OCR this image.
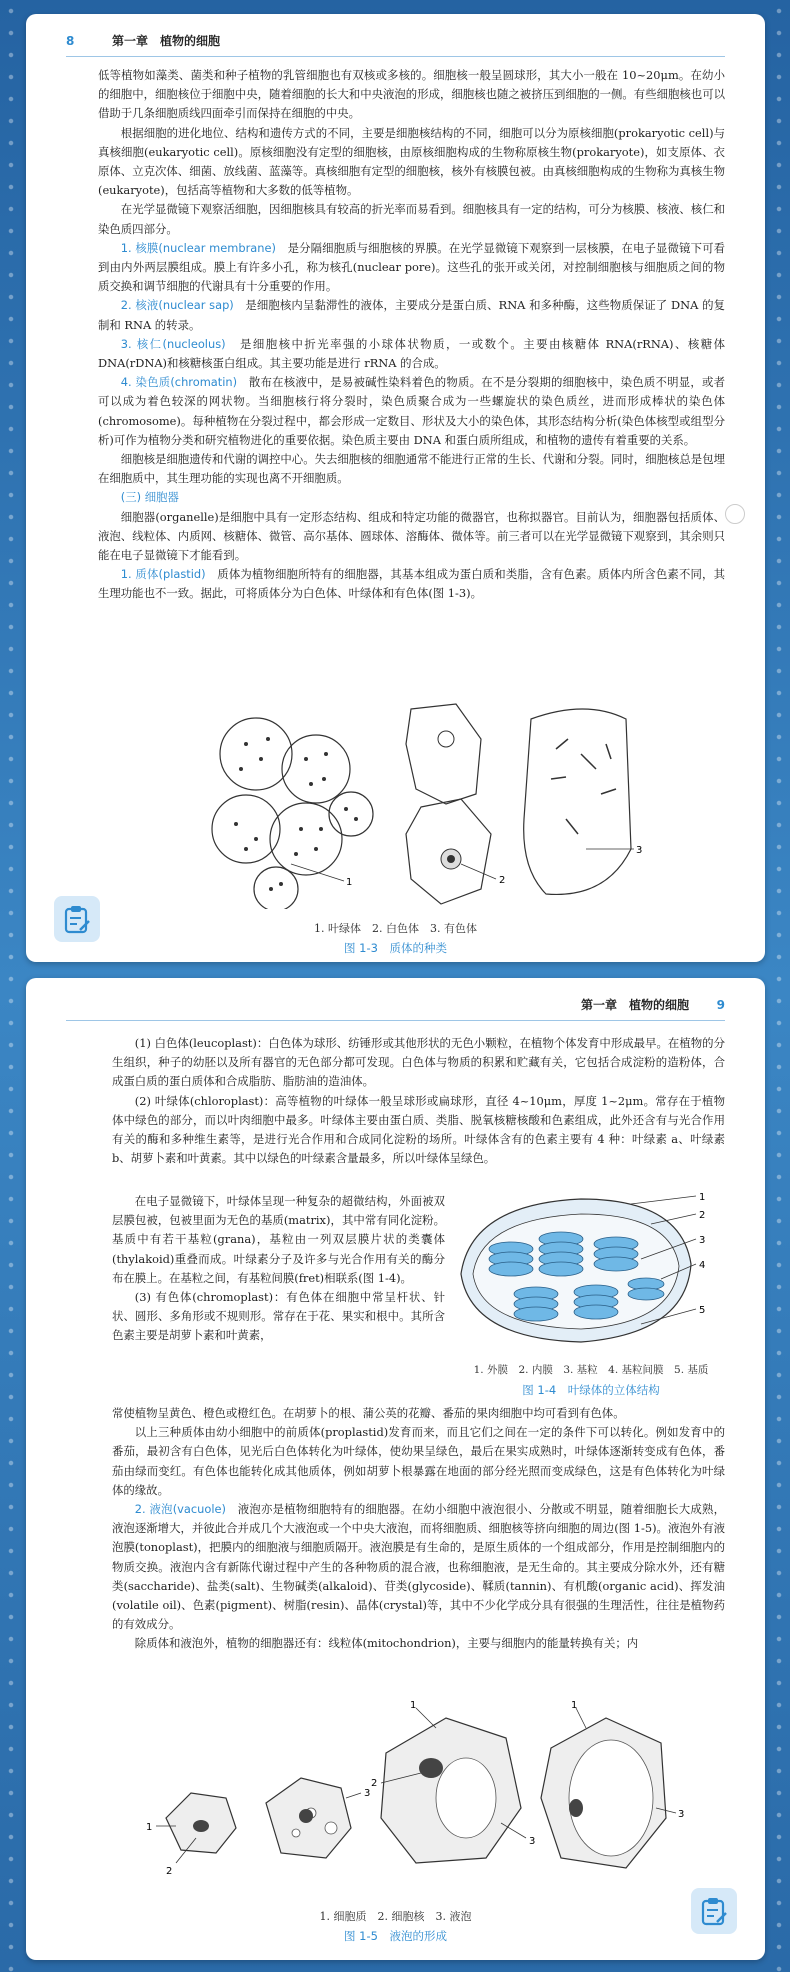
8	第一章　植物的细胞

低等植物如藻类、菌类和种子植物的乳管细胞也有双核或多核的。细胞核一般呈圆球形，其大小一般在 10~20μm。在幼小的细胞中，细胞核位于细胞中央，随着细胞的长大和中央液泡的形成，细胞核也随之被挤压到细胞的一侧。有些细胞核也可以借助于几条细胞质线四面牵引而保持在细胞的中央。

根据细胞的进化地位、结构和遗传方式的不同，主要是细胞核结构的不同，细胞可以分为原核细胞(prokaryotic cell)与真核细胞(eukaryotic cell)。原核细胞没有定型的细胞核，由原核细胞构成的生物称原核生物(prokaryote)，如支原体、衣原体、立克次体、细菌、放线菌、蓝藻等。真核细胞有定型的细胞核，核外有核膜包被。由真核细胞构成的生物称为真核生物(eukaryote)，包括高等植物和大多数的低等植物。

在光学显微镜下观察活细胞，因细胞核具有较高的折光率而易看到。细胞核具有一定的结构，可分为核膜、核液、核仁和染色质四部分。

1. 核膜(nuclear membrane)　 是分隔细胞质与细胞核的界膜。在光学显微镜下观察到一层核膜，在电子显微镜下可看到由内外两层膜组成。膜上有许多小孔，称为核孔(nuclear pore)。这些孔的张开或关闭，对控制细胞核与细胞质之间的物质交换和调节细胞的代谢具有十分重要的作用。

2. 核液(nuclear sap)　 是细胞核内呈黏滞性的液体，主要成分是蛋白质、RNA 和多种酶，这些物质保证了 DNA 的复制和 RNA 的转录。

3. 核仁(nucleolus)　 是细胞核中折光率强的小球体状物质，一或数个。主要由核糖体 RNA(rRNA)、核糖体 DNA(rDNA)和核糖核蛋白组成。其主要功能是进行 rRNA 的合成。

4. 染色质(chromatin)　 散布在核液中，是易被碱性染料着色的物质。在不是分裂期的细胞核中，染色质不明显，或者可以成为着色较深的网状物。当细胞核行将分裂时，染色质聚合成为一些螺旋状的染色质丝，进而形成棒状的染色体(chromosome)。每种植物在分裂过程中，都会形成一定数目、形状及大小的染色体，其形态结构分析(染色体核型或组型分析)可作为植物分类和研究植物进化的重要依据。染色质主要由 DNA 和蛋白质所组成，和植物的遗传有着重要的关系。

细胞核是细胞遗传和代谢的调控中心。失去细胞核的细胞通常不能进行正常的生长、代谢和分裂。同时，细胞核总是包埋在细胞质中，其生理功能的实现也离不开细胞质。

(三) 细胞器

细胞器(organelle)是细胞中具有一定形态结构、组成和特定功能的微器官，也称拟器官。目前认为，细胞器包括质体、液泡、线粒体、内质网、核糖体、微管、高尔基体、圆球体、溶酶体、微体等。前三者可以在光学显微镜下观察到，其余则只能在电子显微镜下才能看到。

1. 质体(plastid)　 质体为植物细胞所特有的细胞器，其基本组成为蛋白质和类脂，含有色素。质体内所含色素不同，其生理功能也不一致。据此，可将质体分为白色体、叶绿体和有色体(图 1-3)。

1	2
3
1. 叶绿体　2. 白色体　3. 有色体
图 1-3　质体的种类
第一章　植物的细胞 9

(1) 白色体(leucoplast)：白色体为球形、纺锤形或其他形状的无色小颗粒，在植物个体发育中形成最早。在植物的分生组织，种子的幼胚以及所有器官的无色部分都可发现。白色体与物质的积累和贮藏有关，它包括合成淀粉的造粉体，合成蛋白质的蛋白质体和合成脂肪、脂肪油的造油体。

(2) 叶绿体(chloroplast)：高等植物的叶绿体一般呈球形或扁球形，直径 4~10μm，厚度 1~2μm。常存在于植物体中绿色的部分，而以叶肉细胞中最多。叶绿体主要由蛋白质、类脂、脱氧核糖核酸和色素组成，此外还含有与光合作用有关的酶和多种维生素等，是进行光合作用和合成同化淀粉的场所。叶绿体含有的色素主要有 4 种：叶绿素 a、叶绿素 b、胡萝卜素和叶黄素。其中以绿色的叶绿素含量最多，所以叶绿体呈绿色。

在电子显微镜下，叶绿体呈现一种复杂的超微结构，外面被双层膜包被，包被里面为无色的基质(matrix)，其中常有同化淀粉。基质中有若干基粒(grana)，基粒由一列双层膜片状的类囊体(thylakoid)重叠而成。叶绿素分子及许多与光合作用有关的酶分布在膜上。在基粒之间，有基粒间膜(fret)相联系(图 1-4)。

(3) 有色体(chromoplast)：有色体在细胞中常呈杆状、针状、圆形、多角形或不规则形。常存在于花、果实和根中。其所含色素主要是胡萝卜素和叶黄素，

1
2
3
4
5
1. 外膜　2. 内膜　3. 基粒　4. 基粒间膜　5. 基质
图 1-4　叶绿体的立体结构

常使植物呈黄色、橙色或橙红色。在胡萝卜的根、蒲公英的花瓣、番茄的果肉细胞中均可看到有色体。

以上三种质体由幼小细胞中的前质体(proplastid)发育而来，而且它们之间在一定的条件下可以转化。例如发育中的番茄，最初含有白色体，见光后白色体转化为叶绿体，使幼果呈绿色，最后在果实成熟时，叶绿体逐渐转变成有色体，番茄由绿而变红。有色体也能转化成其他质体，例如胡萝卜根暴露在地面的部分经光照而变成绿色，这是有色体转化为叶绿体的缘故。

2. 液泡(vacuole)　 液泡亦是植物细胞特有的细胞器。在幼小细胞中液泡很小、分散或不明显，随着细胞长大成熟，液泡逐渐增大，并彼此合并成几个大液泡或一个中央大液泡，而将细胞质、细胞核等挤向细胞的周边(图 1-5)。液泡外有液泡膜(tonoplast)，把膜内的细胞液与细胞质隔开。液泡膜是有生命的，是原生质体的一个组成部分，作用是控制细胞内的物质交换。液泡内含有新陈代谢过程中产生的各种物质的混合液，也称细胞液，是无生命的。其主要成分除水外，还有糖类(saccharide)、盐类(salt)、生物碱类(alkaloid)、苷类(glycoside)、鞣质(tannin)、有机酸(organic acid)、挥发油(volatile oil)、色素(pigment)、树脂(resin)、晶体(crystal)等，其中不少化学成分具有很强的生理活性，往往是植物药的有效成分。

除质体和液泡外，植物的细胞器还有：线粒体(mitochondrion)，主要与细胞内的能量转换有关；内

1
2
3
1
2
3
1
3
1. 细胞质　2. 细胞核　3. 液泡
图 1-5　液泡的形成
